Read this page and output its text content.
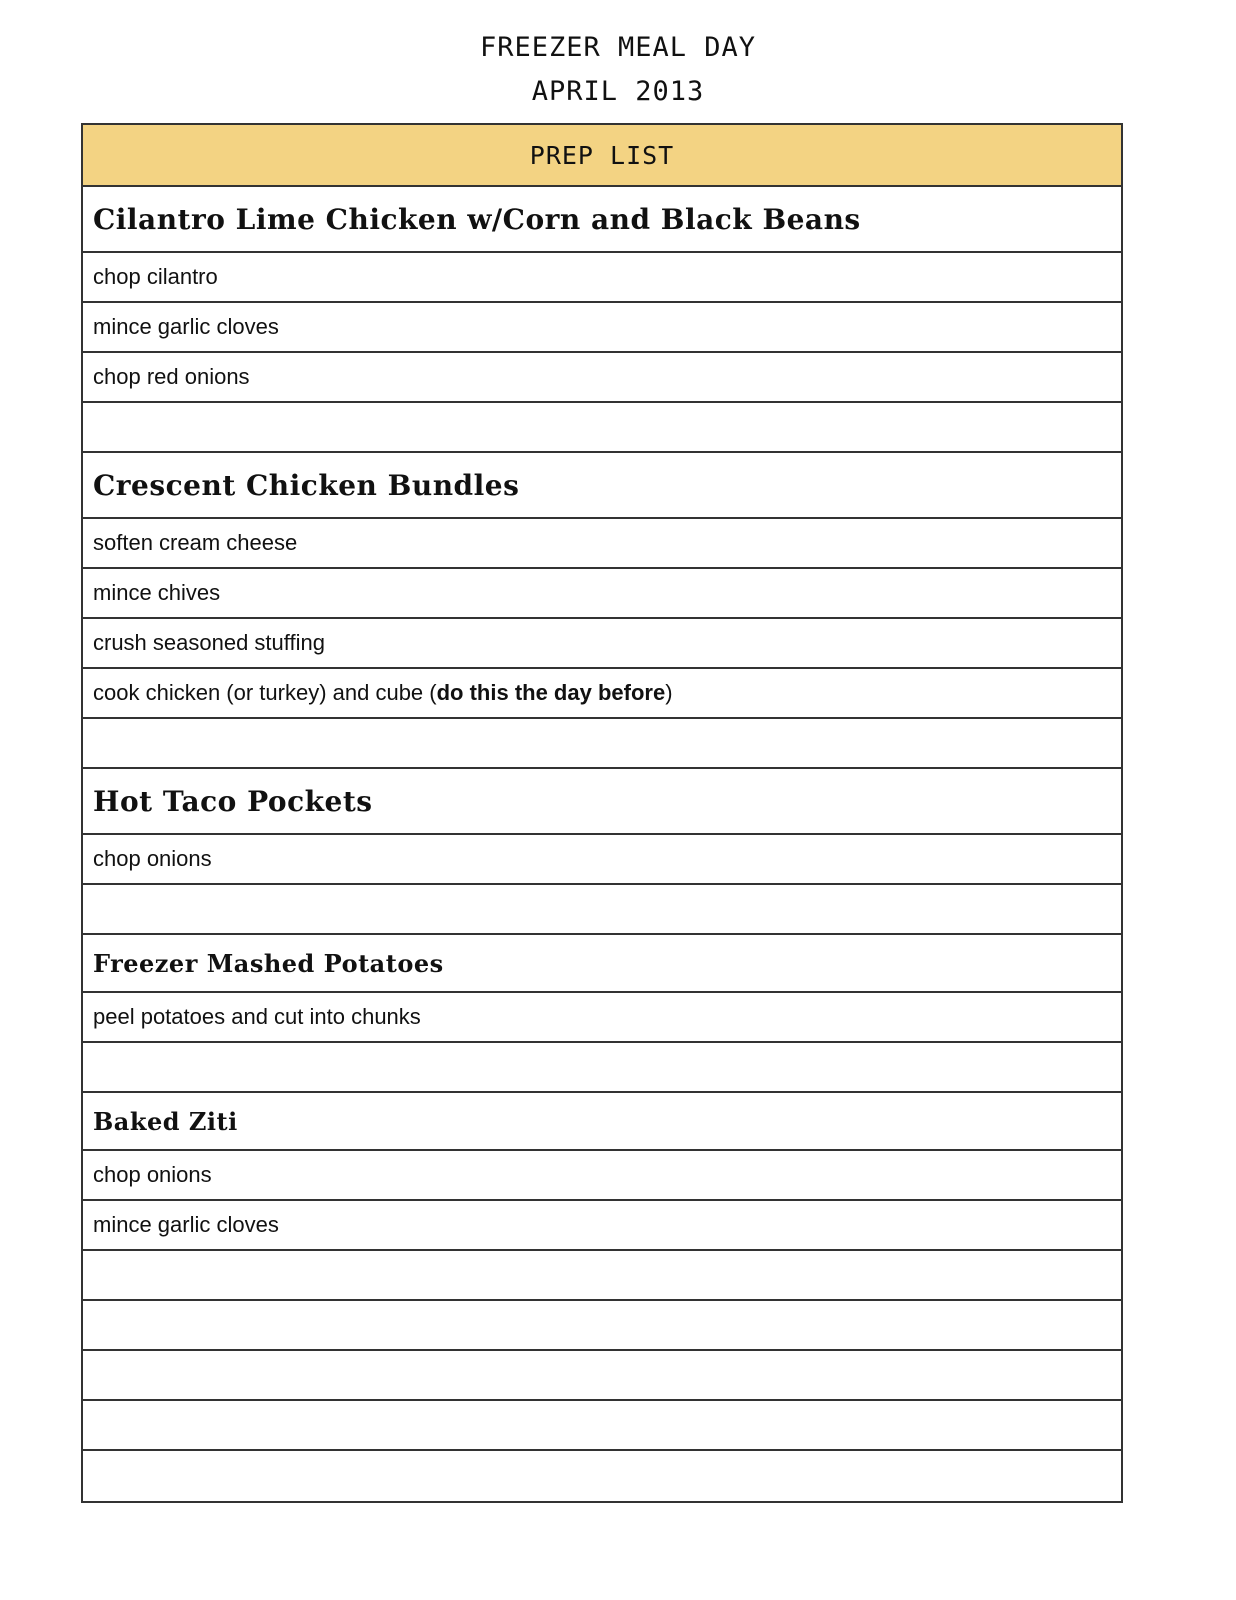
FREEZER MEAL DAY
APRIL 2013
PREP LIST
Cilantro Lime Chicken w/Corn and Black Beans
chop cilantro
mince garlic cloves
chop red onions
Crescent Chicken Bundles
soften cream cheese
mince chives
crush seasoned stuffing
cook chicken (or turkey) and cube ( do this the day before )
Hot Taco Pockets
chop onions
Freezer Mashed Potatoes
peel potatoes and cut into chunks
Baked Ziti
chop onions
mince garlic cloves
